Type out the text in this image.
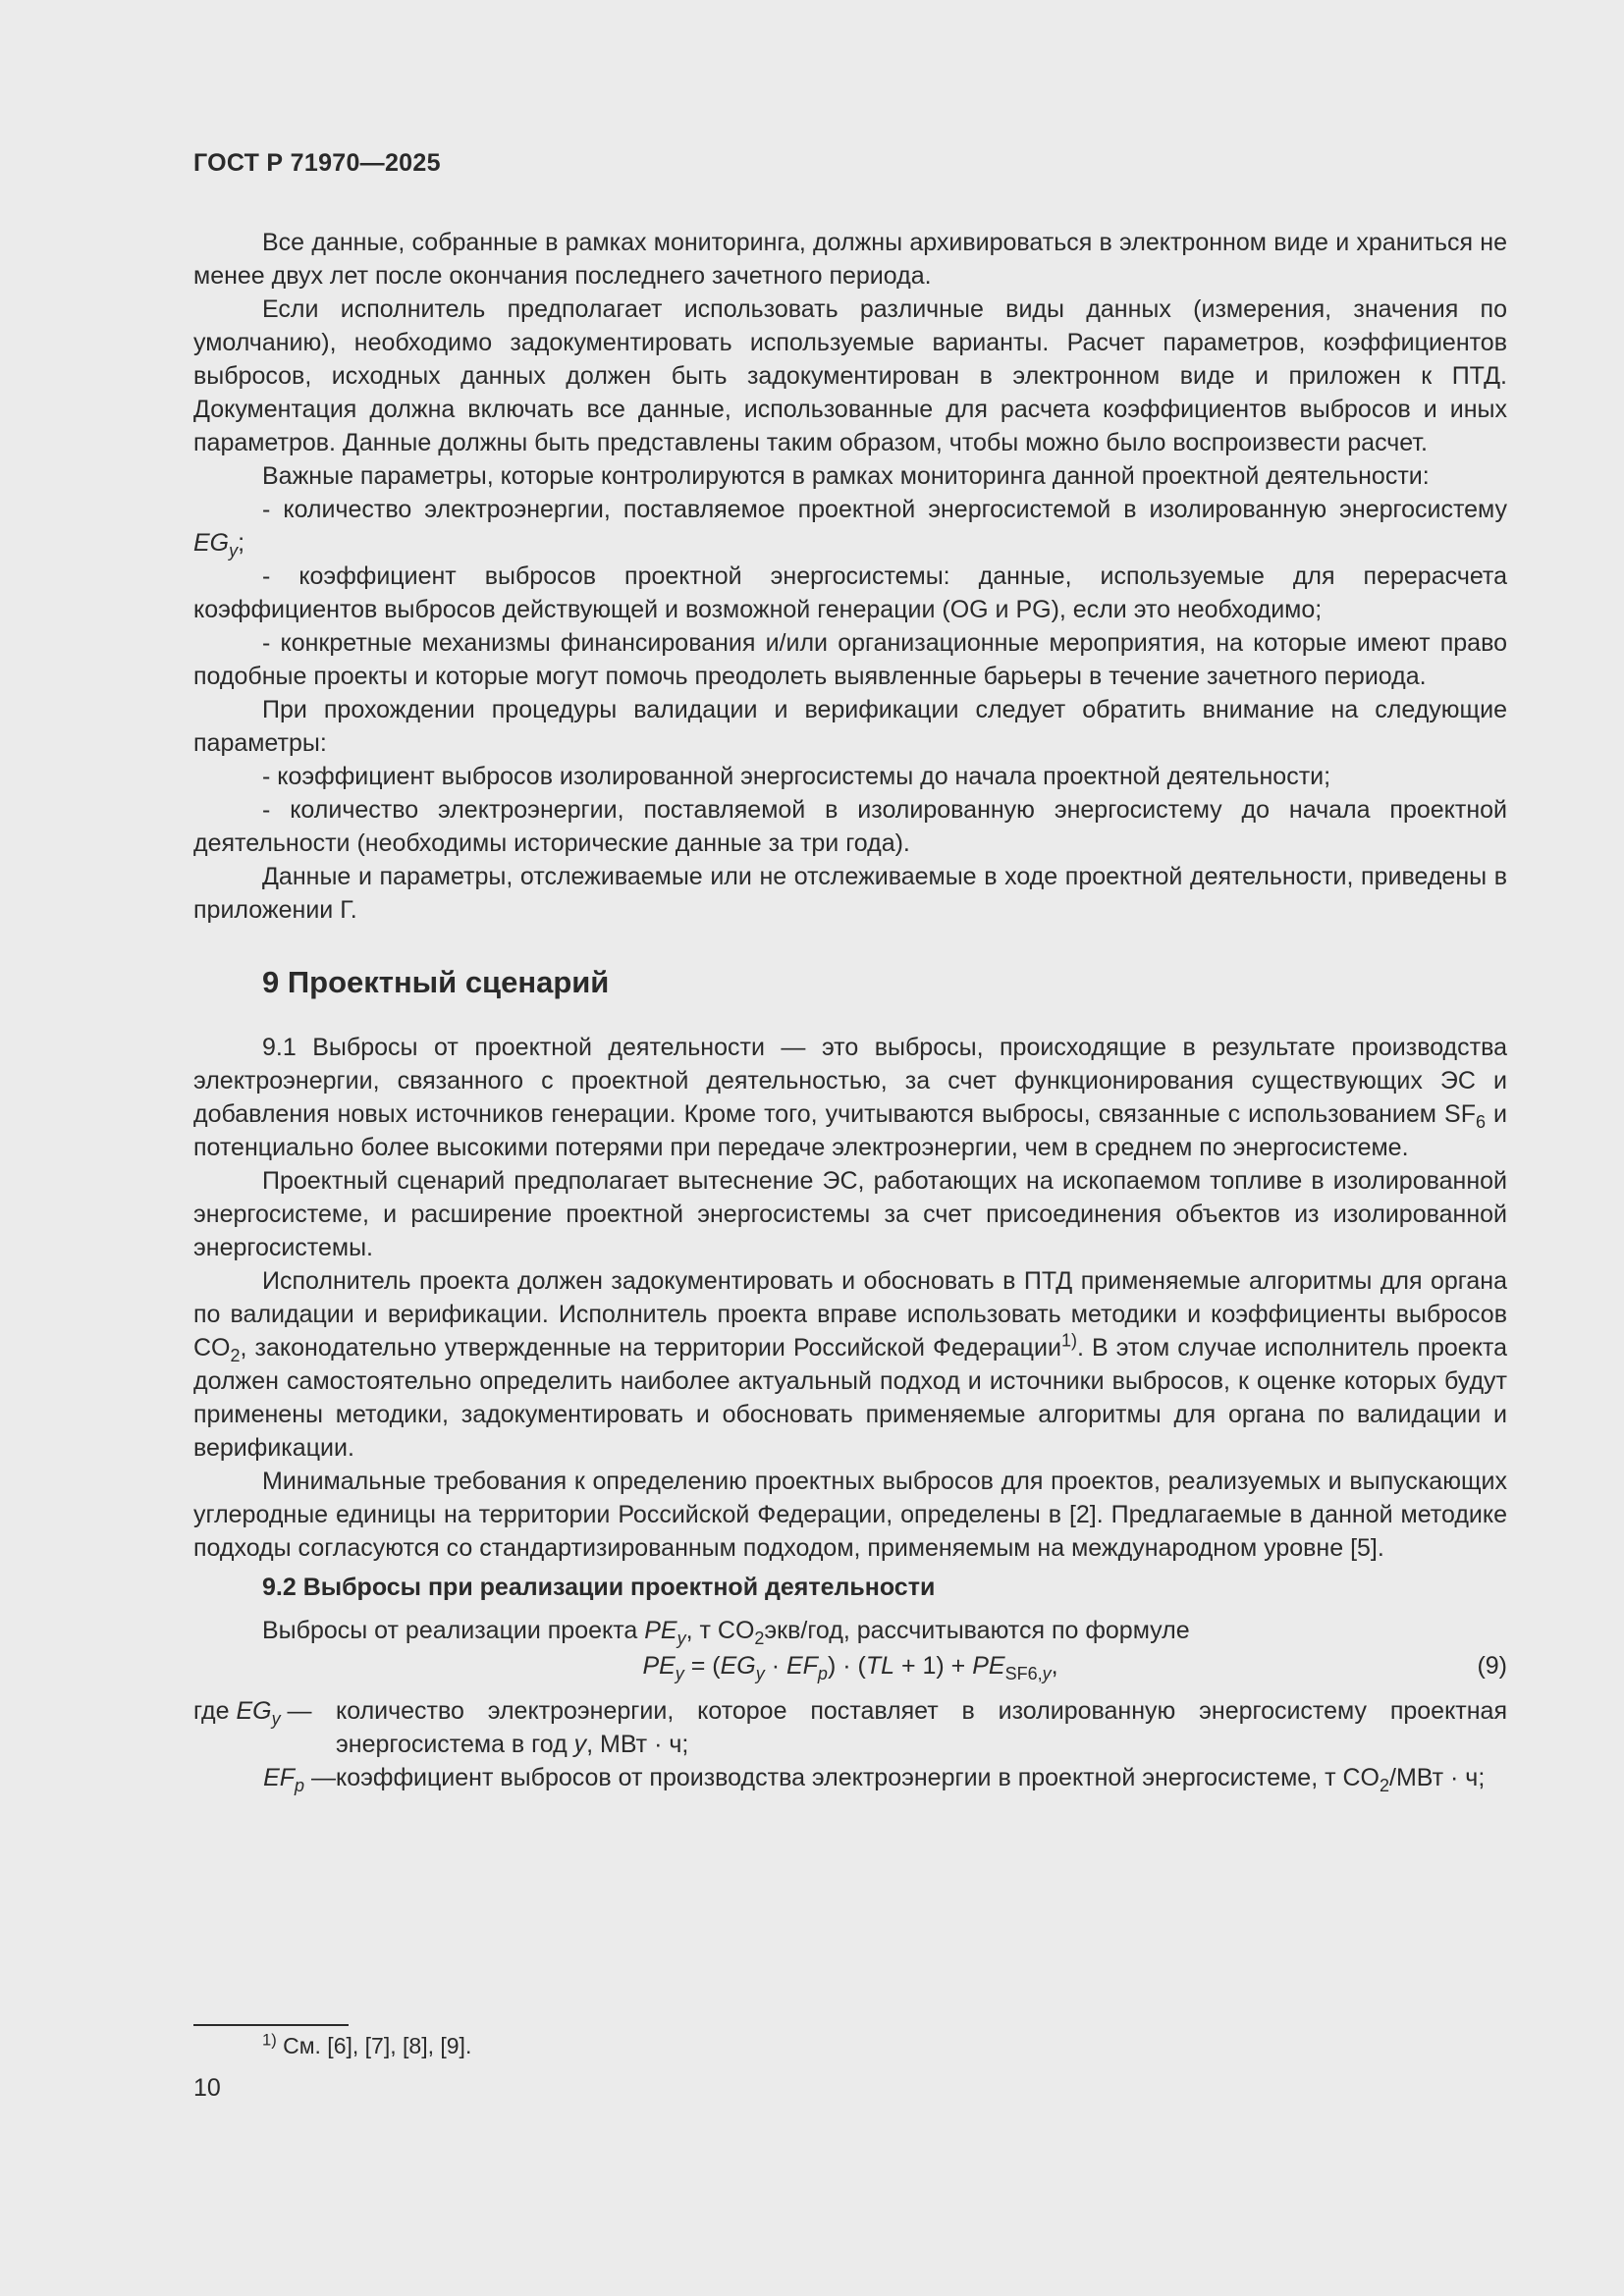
ГОСТ Р 71970—2025

Все данные, собранные в рамках мониторинга, должны архивироваться в электронном виде и храниться не менее двух лет после окончания последнего зачетного периода.

Если исполнитель предполагает использовать различные виды данных (измерения, значения по умолчанию), необходимо задокументировать используемые варианты. Расчет параметров, коэффициентов выбросов, исходных данных должен быть задокументирован в электронном виде и приложен к ПТД. Документация должна включать все данные, использованные для расчета коэффициентов выбросов и иных параметров. Данные должны быть представлены таким образом, чтобы можно было воспроизвести расчет.

Важные параметры, которые контролируются в рамках мониторинга данной проектной деятельности:

- количество электроэнергии, поставляемое проектной энергосистемой в изолированную энергосистему $EG_y$;

- коэффициент выбросов проектной энергосистемы: данные, используемые для перерасчета коэффициентов выбросов действующей и возможной генерации (OG и PG), если это необходимо;

- конкретные механизмы финансирования и/или организационные мероприятия, на которые имеют право подобные проекты и которые могут помочь преодолеть выявленные барьеры в течение зачетного периода.

При прохождении процедуры валидации и верификации следует обратить внимание на следующие параметры:

- коэффициент выбросов изолированной энергосистемы до начала проектной деятельности;

- количество электроэнергии, поставляемой в изолированную энергосистему до начала проектной деятельности (необходимы исторические данные за три года).

Данные и параметры, отслеживаемые или не отслеживаемые в ходе проектной деятельности, приведены в приложении Г.

9 Проектный сценарий

9.1 Выбросы от проектной деятельности — это выбросы, происходящие в результате производства электроэнергии, связанного с проектной деятельностью, за счет функционирования существующих ЭС и добавления новых источников генерации. Кроме того, учитываются выбросы, связанные с использованием $SF_6$ и потенциально более высокими потерями при передаче электроэнергии, чем в среднем по энергосистеме.

Проектный сценарий предполагает вытеснение ЭС, работающих на ископаемом топливе в изолированной энергосистеме, и расширение проектной энергосистемы за счет присоединения объектов из изолированной энергосистемы.

Исполнитель проекта должен задокументировать и обосновать в ПТД применяемые алгоритмы для органа по валидации и верификации. Исполнитель проекта вправе использовать методики и коэффициенты выбросов $CO_2$, законодательно утвержденные на территории Российской Федерации$^{1)}$. В этом случае исполнитель проекта должен самостоятельно определить наиболее актуальный подход и источники выбросов, к оценке которых будут применены методики, задокументировать и обосновать применяемые алгоритмы для органа по валидации и верификации.

Минимальные требования к определению проектных выбросов для проектов, реализуемых и выпускающих углеродные единицы на территории Российской Федерации, определены в [2]. Предлагаемые в данной методике подходы согласуются со стандартизированным подходом, применяемым на международном уровне [5].

9.2 Выбросы при реализации проектной деятельности

Выбросы от реализации проекта $PE_y$, т $CO_2экв$/год, рассчитываются по формуле

$PE_y = (EG_y \cdot EF_p) \cdot (TL + 1) + PE_{SF6,y}$,	(9)
где $EG_y$ — количество электроэнергии, которое поставляет в изолированную энергосистему проектная энергосистема в год y, МВт · ч;
$EF_p$ — коэффициент выбросов от производства электроэнергии в проектной энергосистеме, т $CO_2$/МВт · ч;
$^{1)}$ См. [6], [7], [8], [9].
10
